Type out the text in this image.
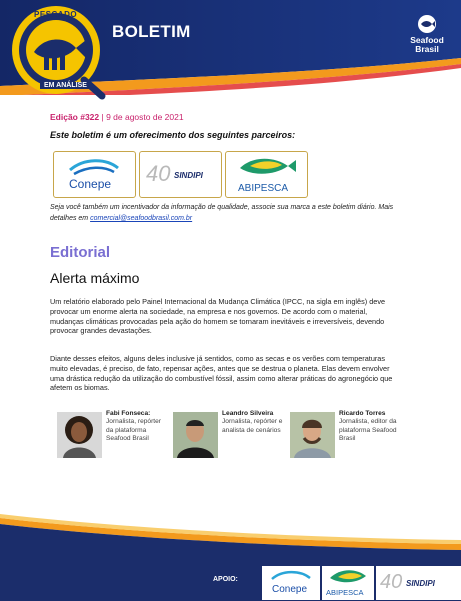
BOLETIM	Seafood
Brasil
PESCADO
EM ANÁLISE
Edição #322 | 9 de agosto de 2021
Este boletim é um oferecimento dos seguintes parceiros:
Conepe 40 SINDIPI
ABIPESCA
Seja você também um incentivador da informação de qualidade, associe sua marca a este boletim diário. Mais detalhes em comercial@seafoodbrasil.com.br
Editorial
Alerta máximo
Um relatório elaborado pelo Painel Internacional da Mudança Climática (IPCC, na sigla em inglês) deve provocar um enorme alerta na sociedade, na empresa e nos governos. De acordo com o material, mudanças climáticas provocadas pela ação do homem se tornaram inevitáveis e irreversíveis, devendo provocar grandes devastações.
Diante desses efeitos, alguns deles inclusive já sentidos, como as secas e os verões com temperaturas muito elevadas, é preciso, de fato, repensar ações, antes que se destrua o planeta. Elas devem envolver uma drástica redução da utilização do combustível fóssil, assim como alterar práticas do agronegócio que afetem os biomas.
Fabi Fonseca:
Jornalista, repórter da plataforma Seafood Brasil
Leandro Silveira
Jornalista, repórter e analista de cenários
Ricardo Torres
Jornalista, editor da plataforma Seafood Brasil
APOIO:
Conepe	ABIPESCA 40 SINDIPI
